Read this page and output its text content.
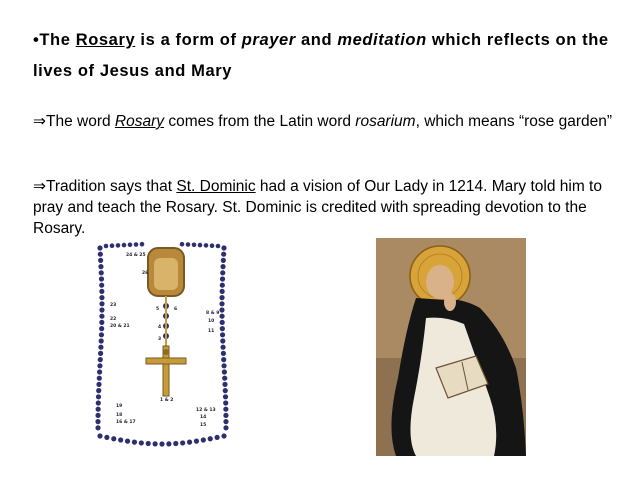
•The Rosary is a form of prayer and meditation which reflects on the lives of Jesus and Mary
⇒The word Rosary comes from the Latin word rosarium, which means “rose garden”
⇒Tradition says that St. Dominic had a vision of Our Lady in 1214. Mary told him to pray and teach the Rosary. St. Dominic is credited with spreading devotion to the Rosary.
24 & 25
26
23
22
20 & 21
5	6
4
3
8 & 9
10
11
1 & 2
19
18
16 & 17
12 & 13
14
15
